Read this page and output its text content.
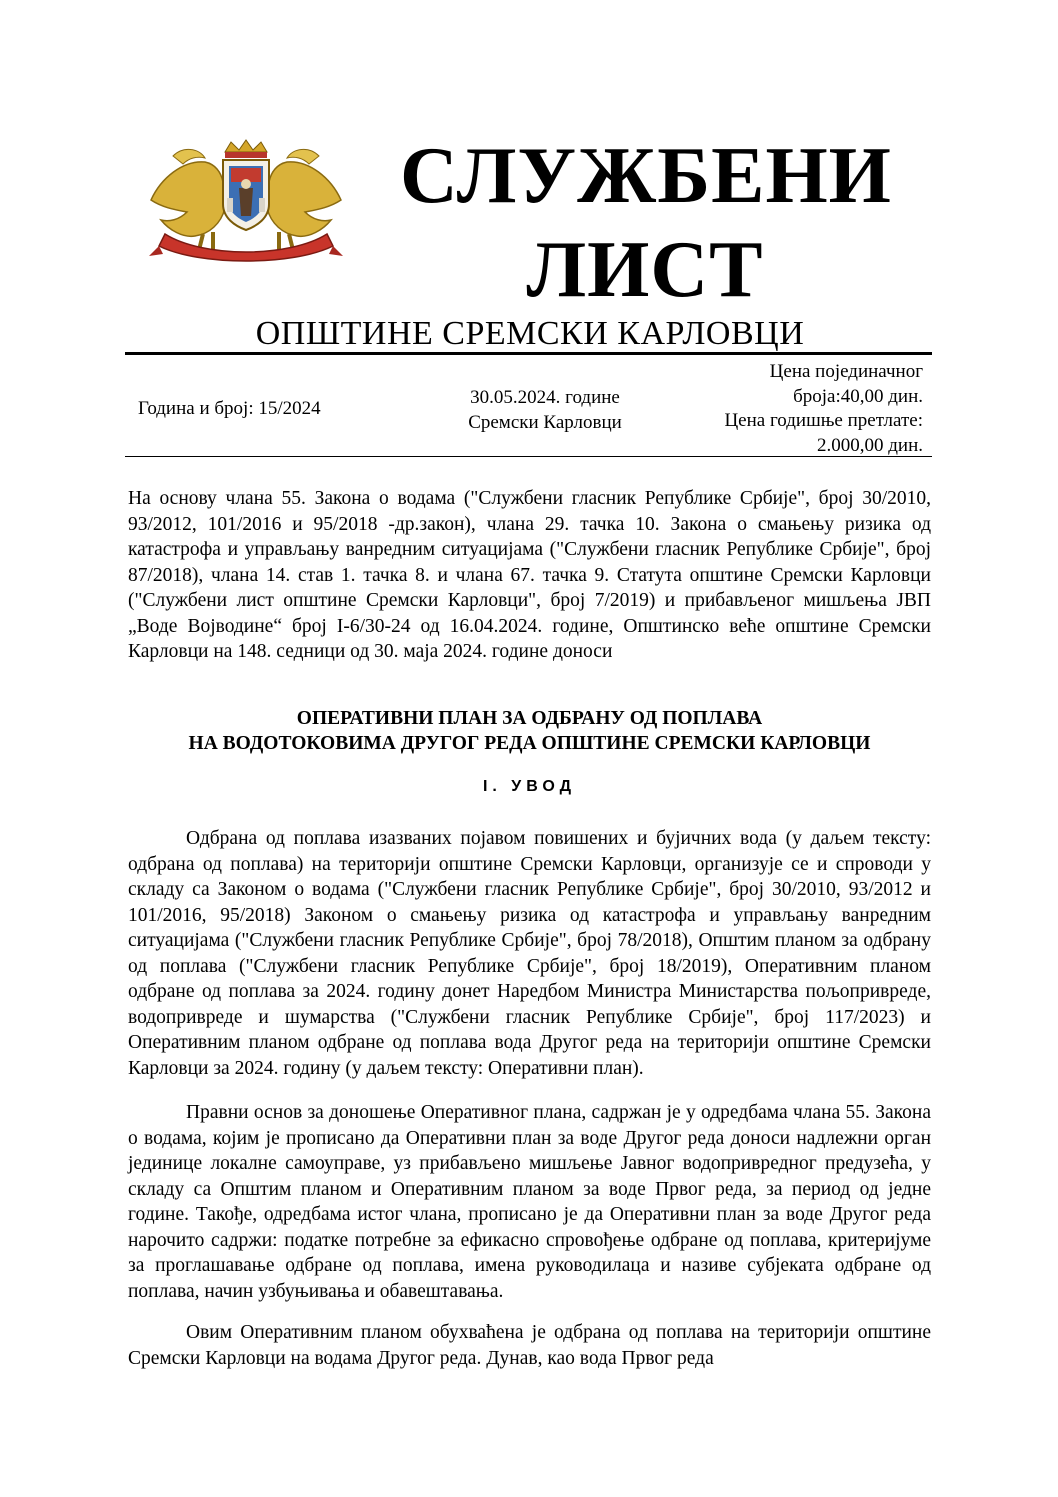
СЛУЖБЕНИ
ЛИСТ
ОПШТИНЕ СРЕМСКИ КАРЛОВЦИ
Година и број: 15/2024
30.05.2024. године
Сремски Карловци
Цена појединачног
броја:40,00 дин.
Цена годишње претлате:
2.000,00 дин.

На основу члана 55. Закона о водама ("Службени гласник Републике Србије", број 30/2010, 93/2012, 101/2016 и 95/2018 -др.закон), члана 29. тачка 10. Закона о смањењу ризика од катастрофа и управљању ванредним ситуацијама ("Службени гласник Републике Србије", број 87/2018), члана 14. став 1. тачка 8. и члана 67. тачка 9. Статута општине Сремски Карловци ("Службени лист општине Сремски Карловци", број 7/2019) и прибављеног мишљења ЈВП „Воде Војводине“ број I-6/30-24 од 16.04.2024. године, Општинско веће општине Сремски Карловци на 148. седници од 30. маја 2024. године доноси

ОПЕРАТИВНИ ПЛАН ЗА ОДБРАНУ ОД ПОПЛАВА

НА ВОДОТОКОВИМА ДРУГОГ РЕДА ОПШТИНЕ СРЕМСКИ КАРЛОВЦИ

I. УВОД

Одбрана од поплава изазваних појавом повишених и бујичних вода (у даљем тексту: одбрана од поплава) на територији општине Сремски Карловци, организује се и спроводи у складу са Законом о водама ("Службени гласник Републике Србије", број 30/2010, 93/2012 и 101/2016, 95/2018) Законом о смањењу ризика од катастрофа и управљању ванредним ситуацијама ("Службени гласник Републике Србије", број 78/2018), Општим планом за одбрану од поплава ("Службени гласник Републике Србије", број 18/2019), Оперативним планом одбране од поплава за 2024. годину донет Наредбом Министра Министарства пољопривреде, водопривреде и шумарства ("Службени гласник Републике Србије", број 117/2023) и Оперативним планом одбране од поплава вода Другог реда на територији општине Сремски Карловци за 2024. годину (у даљем тексту: Оперативни план).

Правни основ за доношење Оперативног плана, садржан је у одредбама члана 55. Закона о водама, којим је прописано да Оперативни план за воде Другог реда доноси надлежни орган јединице локалне самоуправе, уз прибављено мишљење Јавног водопривредног предузећа, у складу са Општим планом и Оперативним планом за воде Првог реда, за период од једне године. Такође, одредбама истог члана, прописано је да Оперативни план за воде Другог реда нарочито садржи: податке потребне за ефикасно спровођење одбране од поплава, критеријуме за проглашавање одбране од поплава, имена руководилаца и називе субјеката одбране од поплава, начин узбуњивања и обавештавања.

Овим Оперативним планом обухваћена је одбрана од поплава на територији општине Сремски Карловци на водама Другог реда. Дунав, као вода Првог реда
